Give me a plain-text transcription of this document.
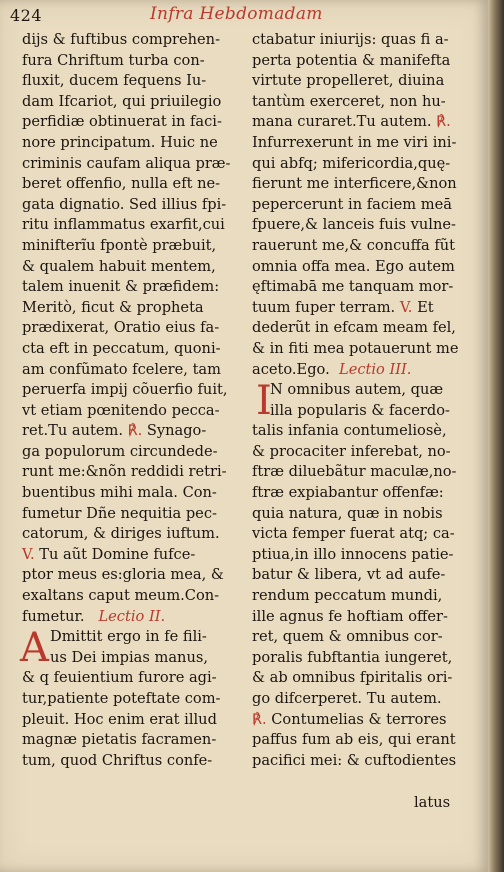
424	Infra Hebdomadam
dijs & fuftibus comprehen-
fura Chriftum turba con-
fluxit, ducem fequens Iu-
dam Ifcariot, qui priuilegio
perfidiæ obtinuerat in faci-
nore principatum. Huic ne
criminis caufam aliqua præ-
beret offenfio, nulla eft ne-
gata dignatio. Sed illius fpi-
ritu inflammatus exarfit,cui
minifterĩu fpontè præbuit,
& qualem habuit mentem,
talem inuenit & præfidem:
Meritò, ficut & propheta
prædixerat, Oratio eius fa-
cta eft in peccatum, quoni-
am confũmato fcelere, tam
peruerfa impij cõuerfio fuit,
vt etiam pœnitendo pecca-
ret.Tu autem. ℟. Synago-
ga populorum circundede-
runt me:&nõn reddidi retri-
buentibus mihi mala. Con-
fumetur Dñe nequitia pec-
catorum, & diriges iuftum.
V. Tu aũt Domine fufce-
ptor meus es:gloria mea, &
exaltans caput meum.Con-
fumetur. Lectio II.
A Dmittit ergo in fe fili-
us Dei impias manus,
& q feuientium furore agi-
tur,patiente poteftate com-
pleuit. Hoc enim erat illud
magnæ pietatis facramen-
tum, quod Chriftus confe-
ctabatur iniurijs: quas fi a-
perta potentia & manifefta
virtute propelleret, diuina
tantùm exerceret, non hu-
mana curaret.Tu autem. ℟.
Infurrexerunt in me viri ini-
qui abfq; mifericordia,quę-
fierunt me interficere,&non
pepercerunt in faciem meā
fpuere,& lanceis fuis vulne-
rauerunt me,& concuffa fũt
omnia offa mea. Ego autem
ęftimabā me tanquam mor-
tuum fuper terram. V. Et
dederũt in efcam meam fel,
& in fiti mea potauerunt me
aceto.Ego. Lectio III.
I
N omnibus autem, quæ
illa popularis & facerdo-
talis infania contumeliosè,
& procaciter inferebat, no-
ftræ diluebãtur maculæ,no-
ftræ expiabantur offenfæ:
quia natura, quæ in nobis
victa femper fuerat atq; ca-
ptiua,in illo innocens patie-
batur & libera, vt ad aufe-
rendum peccatum mundi,
ille agnus fe hoftiam offer-
ret, quem & omnibus cor-
poralis fubftantia iungeret,
& ab omnibus fpiritalis ori-
go difcerperet. Tu autem.
℟. Contumelias & terrores
paffus fum ab eis, qui erant
pacifici mei: & cuftodientes
latus
